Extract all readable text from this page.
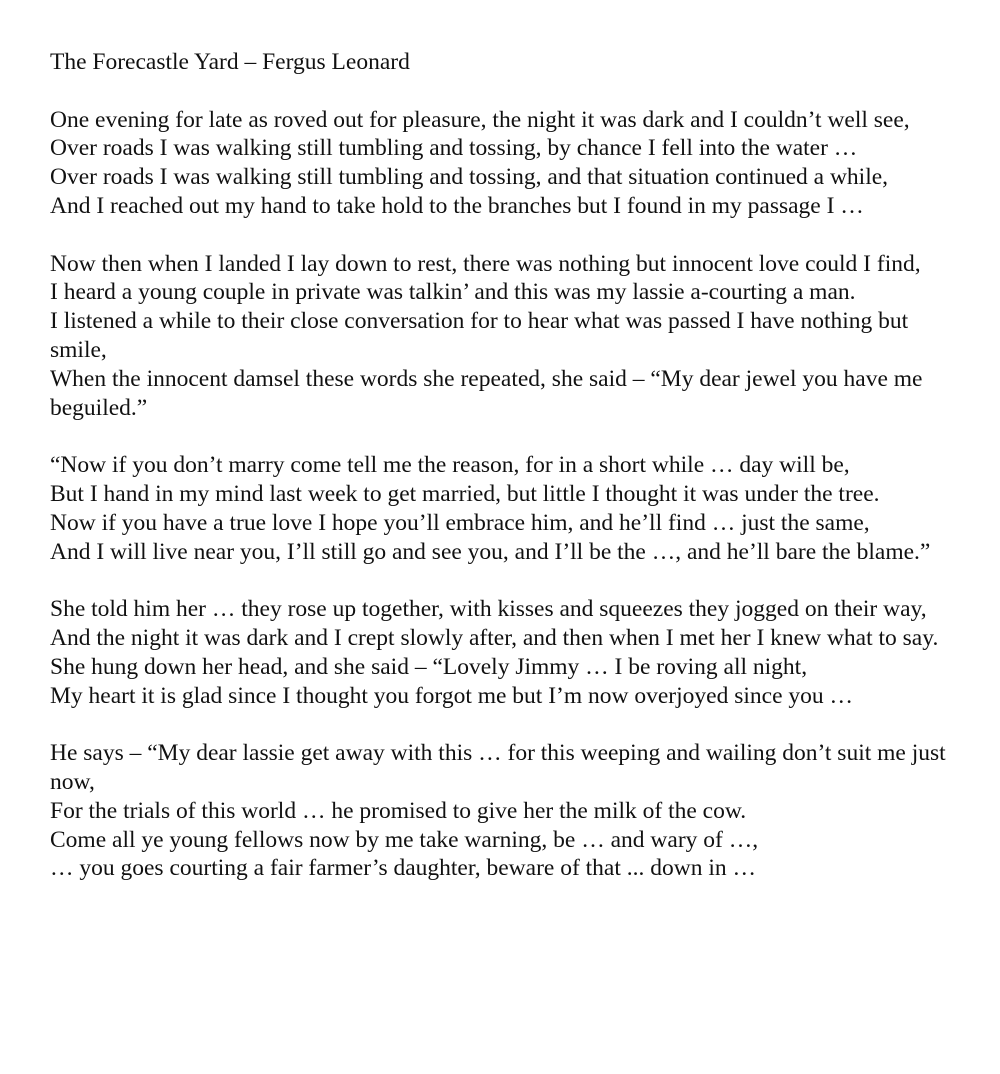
The Forecastle Yard – Fergus Leonard
One evening for late as roved out for pleasure, the night it was dark and I couldn’t well see,
Over roads I was walking still tumbling and tossing, by chance I fell into the water …
Over roads I was walking still tumbling and tossing, and that situation continued a while,
And I reached out my hand to take hold to the branches but I found in my passage I …
Now then when I landed I lay down to rest, there was nothing but innocent love could I find,
I heard a young couple in private was talkin’ and this was my lassie a-courting a man.
I listened a while to their close conversation for to hear what was passed I have nothing but smile,
When the innocent damsel these words she repeated, she said – “My dear jewel you have me beguiled.”
“Now if you don’t marry come tell me the reason, for in a short while … day will be,
But I hand in my mind last week to get married, but little I thought it was under the tree.
Now if you have a true love I hope you’ll embrace him, and he’ll find … just the same,
And I will live near you, I’ll still go and see you, and I’ll be the …, and he’ll bare the blame.”
She told him her … they rose up together, with kisses and squeezes they jogged on their way,
And the night it was dark and I crept slowly after, and then when I met her I knew what to say.
She hung down her head, and she said – “Lovely Jimmy … I be roving all night,
My heart it is glad since I thought you forgot me but I’m now overjoyed since you …
He says – “My dear lassie get away with this … for this weeping and wailing don’t suit me just now,
For the trials of this world … he promised to give her the milk of the cow.
Come all ye young fellows now by me take warning, be … and wary of …,
… you goes courting a fair farmer’s daughter, beware of that ... down in …
